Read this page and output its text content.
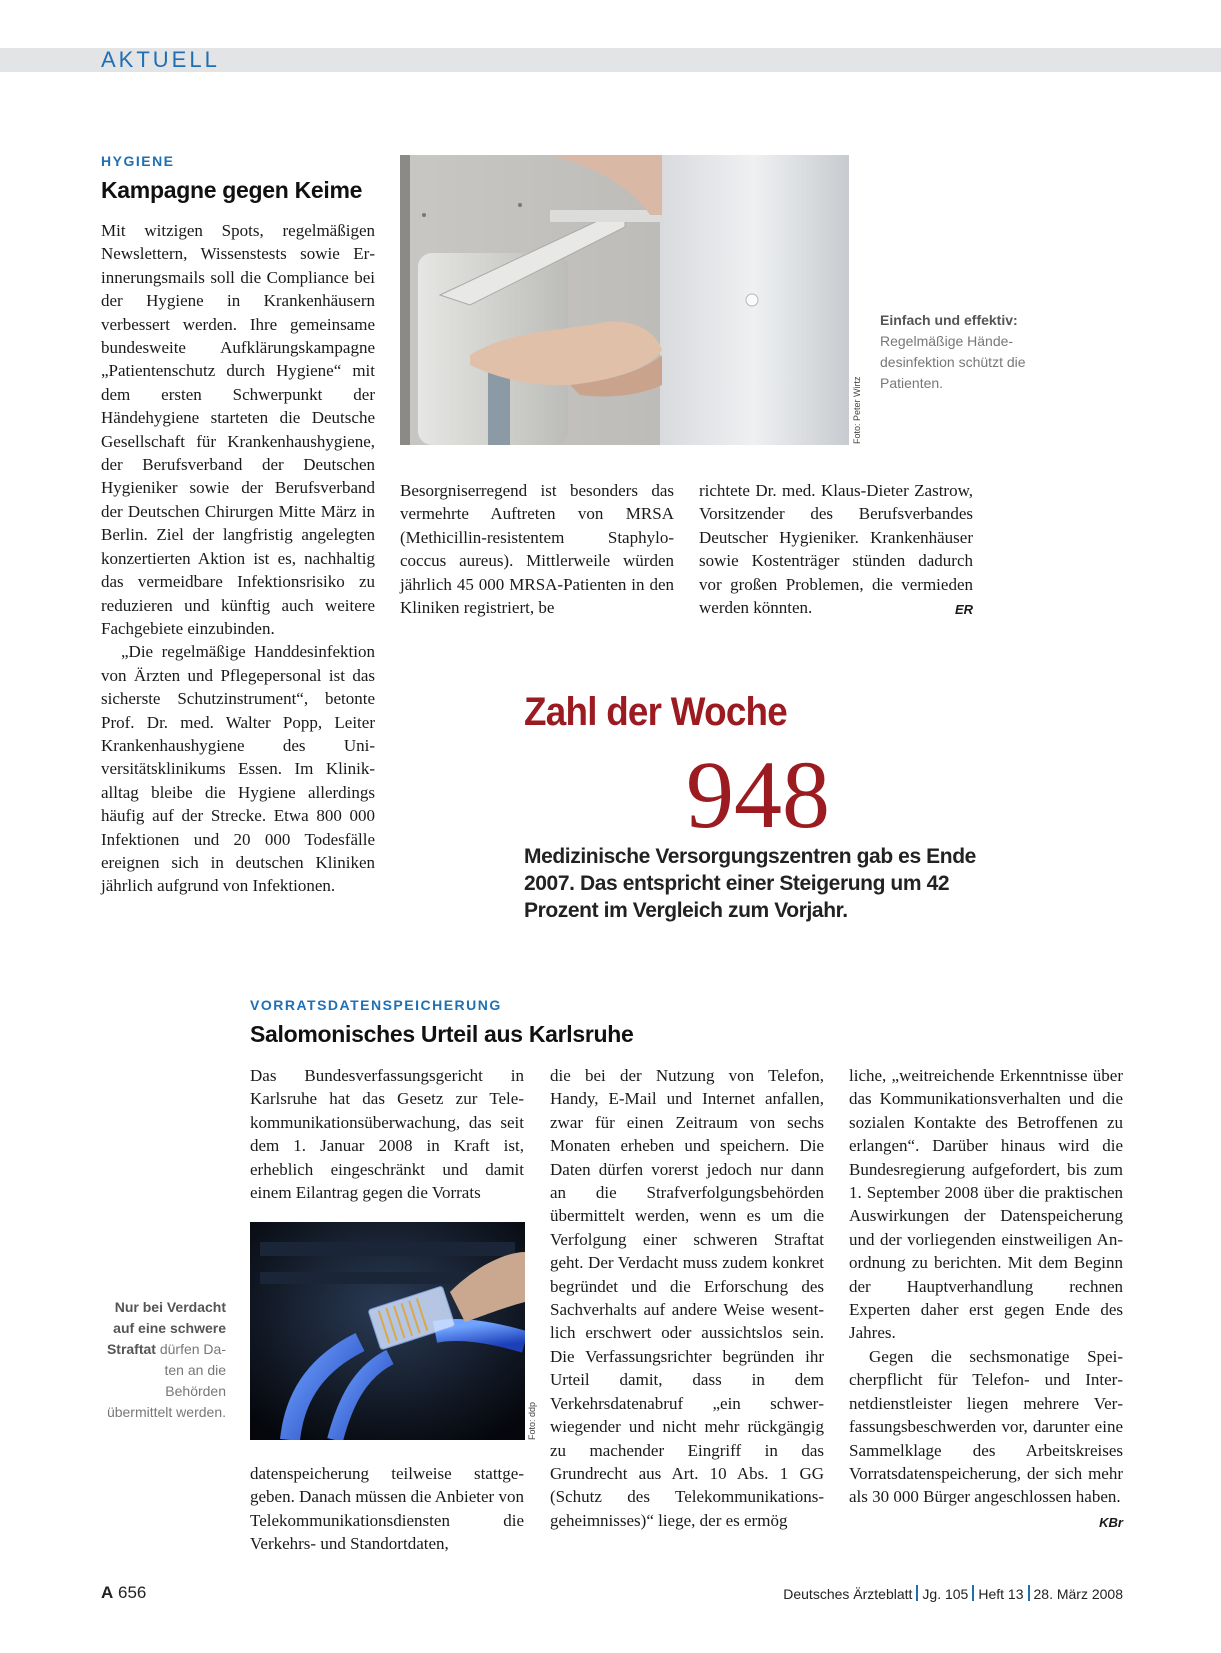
AKTUELL
HYGIENE
Kampagne gegen Keime

Mit witzigen Spots, regelmäßigen Newslettern, Wissenstests sowie Erinnerungsmails soll die Compliance bei der Hygiene in Krankenhäusern verbessert werden. Ihre gemeinsame bundesweite Aufklärungskampagne „Patientenschutz durch Hygiene“ mit dem ersten Schwerpunkt der Händehygiene starteten die Deutsche Gesellschaft für Krankenhaushygiene, der Berufsverband der Deutschen Hygieniker sowie der Berufsverband der Deutschen Chirurgen Mitte März in Berlin. Ziel der langfristig angelegten konzertierten Aktion ist es, nachhaltig das vermeidbare Infektionsrisiko zu reduzieren und künftig auch weitere Fachgebiete einzubinden.

„Die regelmäßige Handdesinfektion von Ärzten und Pflegepersonal ist das sicherste Schutzinstrument“, betonte Prof. Dr. med. Walter Popp, Leiter Krankenhaushygiene des Universitätsklinikums Essen. Im Klinikalltag bleibe die Hygiene allerdings häufig auf der Strecke. Etwa 800 000 Infektionen und 20 000 Todesfälle ereignen sich in deutschen Kliniken jährlich aufgrund von Infektionen.

Foto: Peter Wirtz
Einfach und effektiv:
Regelmäßige Händedesinfektion schützt die Patienten.
Besorgniserregend ist besonders das vermehrte Auftreten von MRSA (Methicillin-resistentem Staphylococcus aureus). Mittlerweile würden jährlich 45 000 MRSA-Patienten in den Kliniken registriert, be
richtete Dr. med. Klaus-Dieter Zastrow, Vorsitzender des Berufsverbandes Deutscher Hygieniker. Krankenhäuser sowie Kostenträger stünden dadurch vor großen Problemen, die vermieden werden könnten.	ER
Zahl der Woche
948
Medizinische Versorgungszentren gab es Ende 2007. Das entspricht einer Steigerung um 42 Prozent im Vergleich zum Vorjahr.
VORRATSDATENSPEICHERUNG
Salomonisches Urteil aus Karlsruhe
Das Bundesverfassungsgericht in Karlsruhe hat das Gesetz zur Telekommunikationsüberwachung, das seit dem 1. Januar 2008 in Kraft ist, erheblich eingeschränkt und damit einem Eilantrag gegen die Vorrats
Foto: ddp
Nur bei Verdacht auf eine schwere Straftat dürfen Daten an die Behörden übermittelt werden.
datenspeicherung teilweise stattgegeben. Danach müssen die Anbieter von Telekommunikationsdiensten die Verkehrs- und Standortdaten,
die bei der Nutzung von Telefon, Handy, E-Mail und Internet anfallen, zwar für einen Zeitraum von sechs Monaten erheben und speichern. Die Daten dürfen vorerst jedoch nur dann an die Strafverfolgungsbehörden übermittelt werden, wenn es um die Verfolgung einer schweren Straftat geht. Der Verdacht muss zudem konkret begründet und die Erforschung des Sachverhalts auf andere Weise wesentlich erschwert oder aussichtslos sein. Die Verfassungsrichter begründen ihr Urteil damit, dass in dem Verkehrsdatenabruf „ein schwerwiegender und nicht mehr rückgängig zu machender Eingriff in das Grundrecht aus Art. 10 Abs. 1 GG (Schutz des Telekommunikationsgeheimnisses)“ liege, der es ermög

liche, „weitreichende Erkenntnisse über das Kommunikationsverhalten und die sozialen Kontakte des Betroffenen zu erlangen“. Darüber hinaus wird die Bundesregierung aufgefordert, bis zum 1. September 2008 über die praktischen Auswirkungen der Datenspeicherung und der vorliegenden einstweiligen Anordnung zu berichten. Mit dem Beginn der Hauptverhandlung rechnen Experten daher erst gegen Ende des Jahres.

Gegen die sechsmonatige Speicherpflicht für Telefon- und Internetdienstleister liegen mehrere Verfassungsbeschwerden vor, darunter eine Sammelklage des Arbeitskreises Vorratsdatenspeicherung, der sich mehr als 30 000 Bürger angeschlossen haben.
KBr

A 656	Deutsches Ärzteblatt Jg. 105 Heft 13 28. März 2008
